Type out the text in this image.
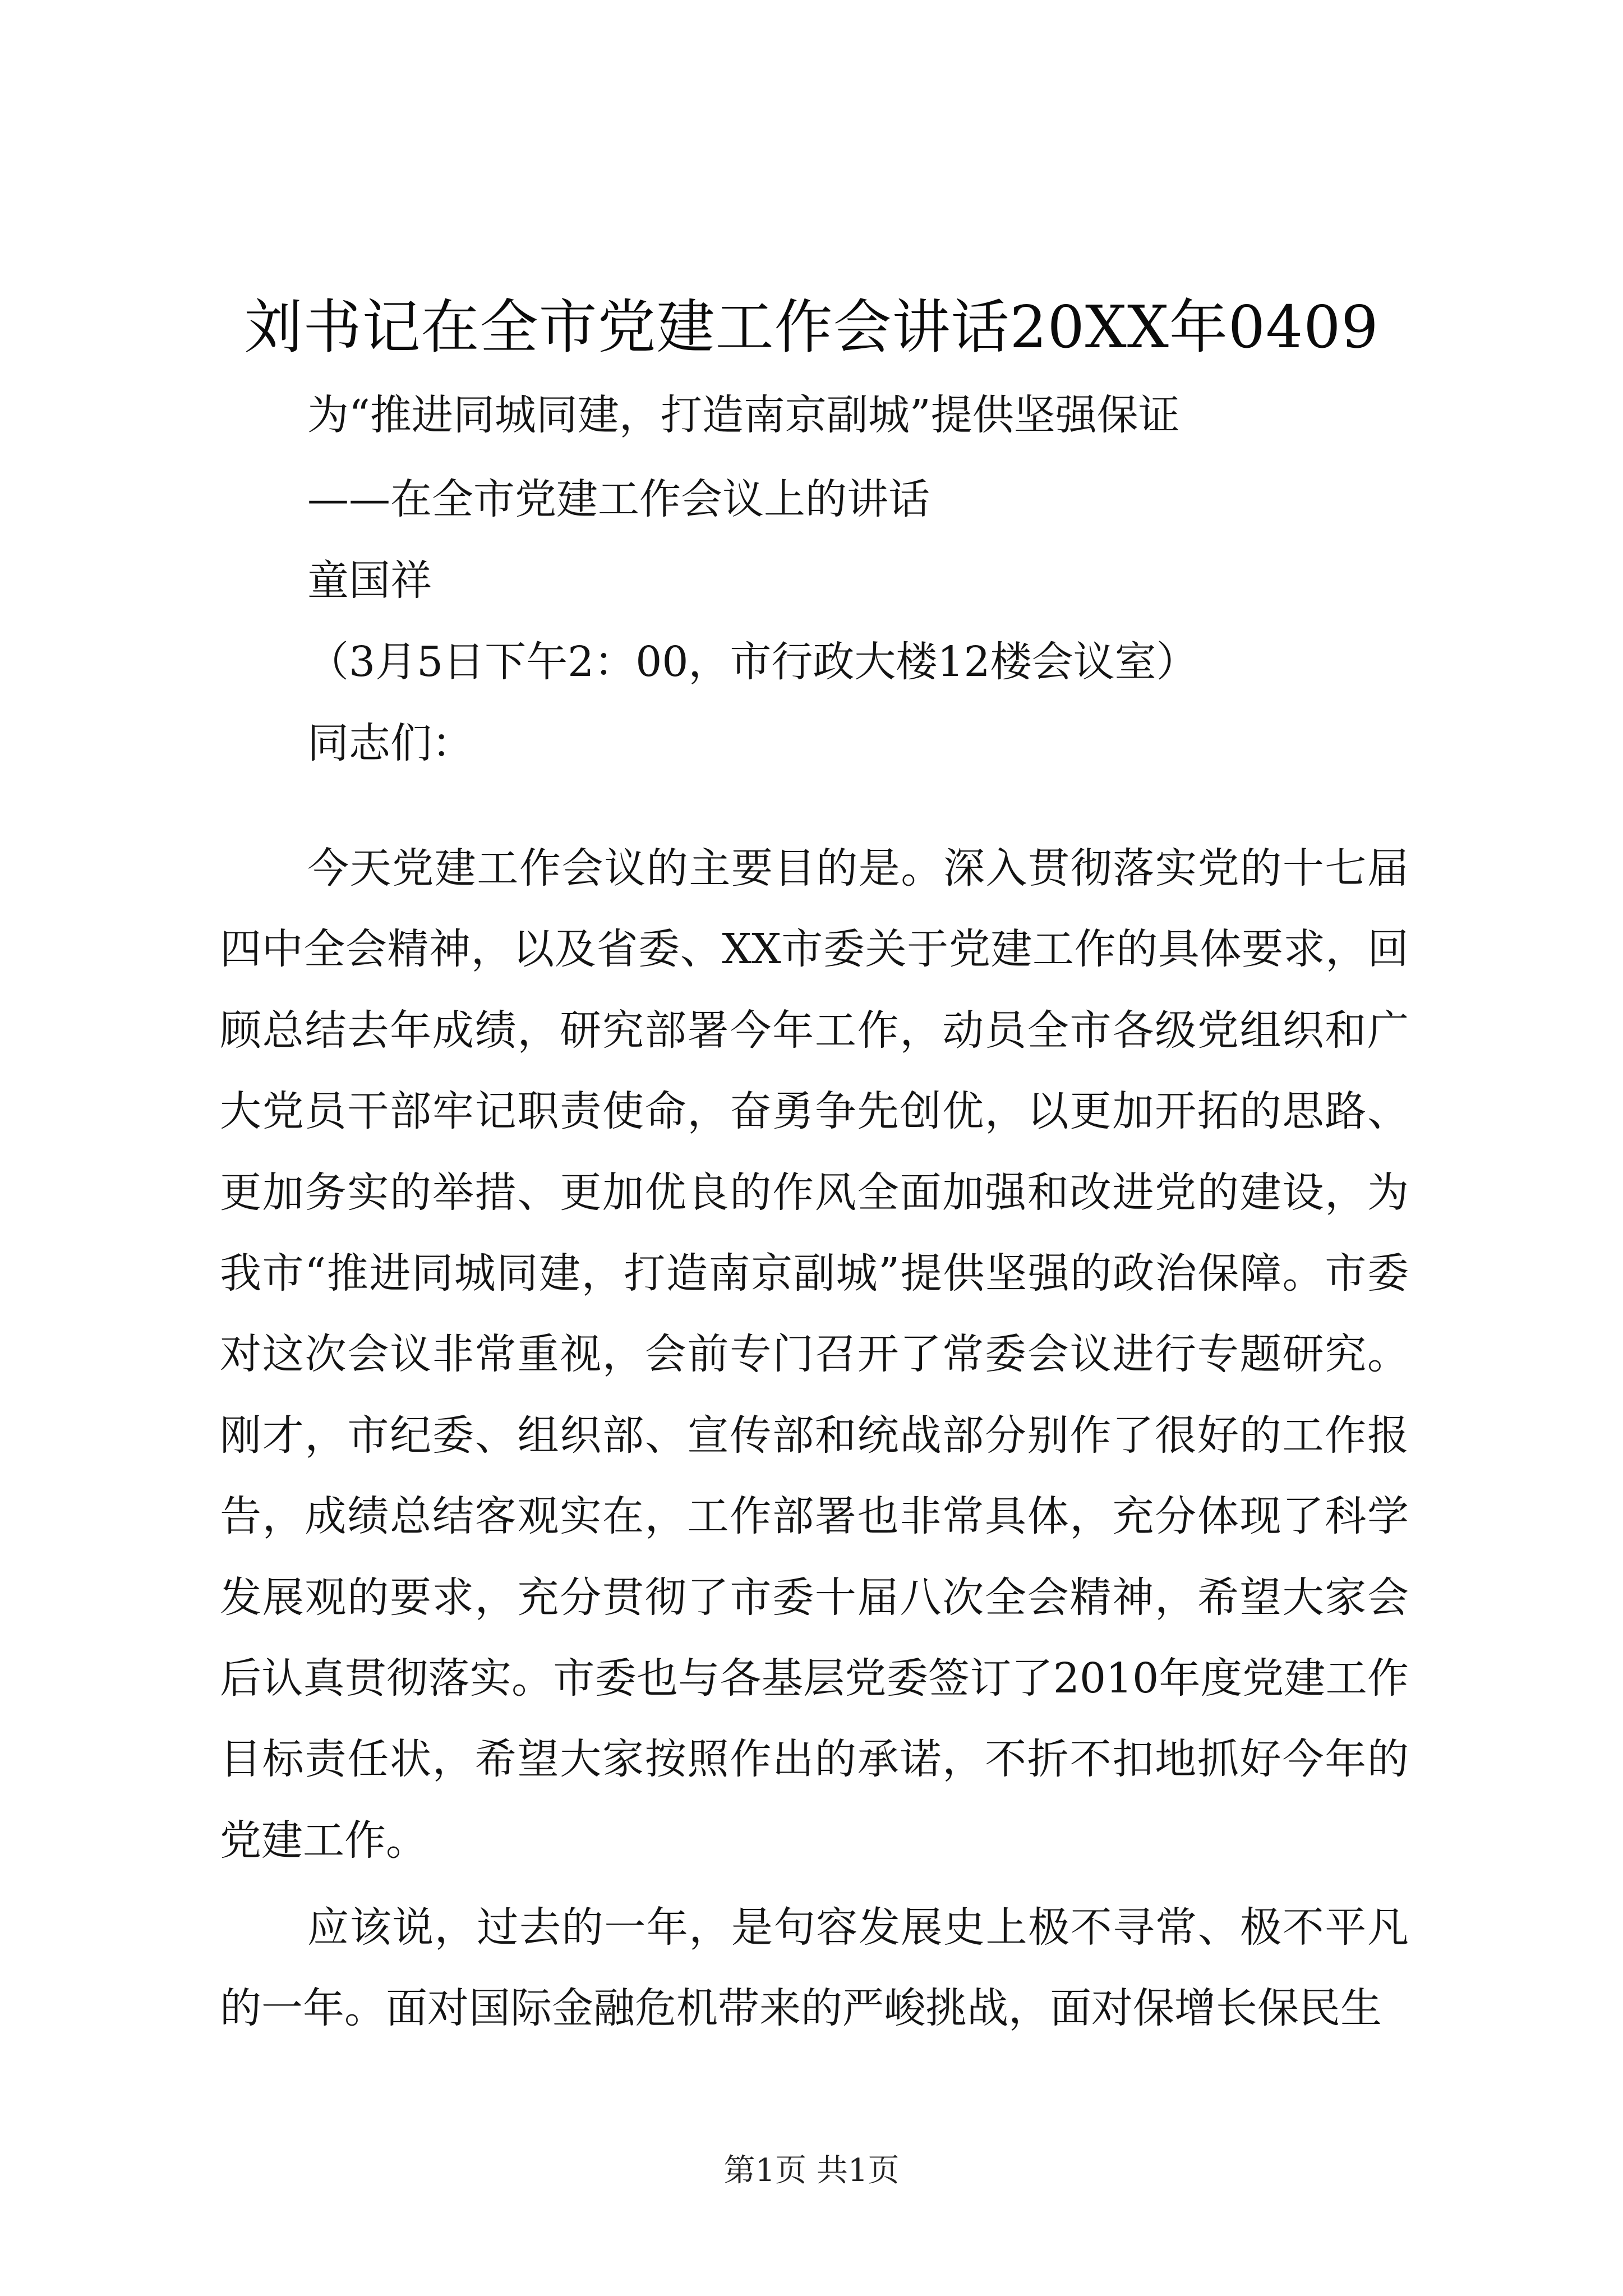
刘书记在全市党建工作会讲话20XX年0409
为“推进同城同建，打造南京副城”提供坚强保证
——在全市党建工作会议上的讲话
童国祥
（3月5日下午2：00，市行政大楼12楼会议室）
同志们：

今天党建工作会议的主要目的是。深入贯彻落实党的十七届四中全会精神，以及省委、XX市委关于党建工作的具体要求，回顾总结去年成绩，研究部署今年工作，动员全市各级党组织和广大党员干部牢记职责使命，奋勇争先创优，以更加开拓的思路、更加务实的举措、更加优良的作风全面加强和改进党的建设，为我市“推进同城同建，打造南京副城”提供坚强的政治保障。市委对这次会议非常重视，会前专门召开了常委会议进行专题研究。刚才，市纪委、组织部、宣传部和统战部分别作了很好的工作报告，成绩总结客观实在，工作部署也非常具体，充分体现了科学发展观的要求，充分贯彻了市委十届八次全会精神，希望大家会后认真贯彻落实。市委也与各基层党委签订了2010年度党建工作目标责任状，希望大家按照作出的承诺，不折不扣地抓好今年的党建工作。

应该说，过去的一年，是句容发展史上极不寻常、极不平凡的一年。面对国际金融危机带来的严峻挑战，面对保增长保民生

第1页 共1页
